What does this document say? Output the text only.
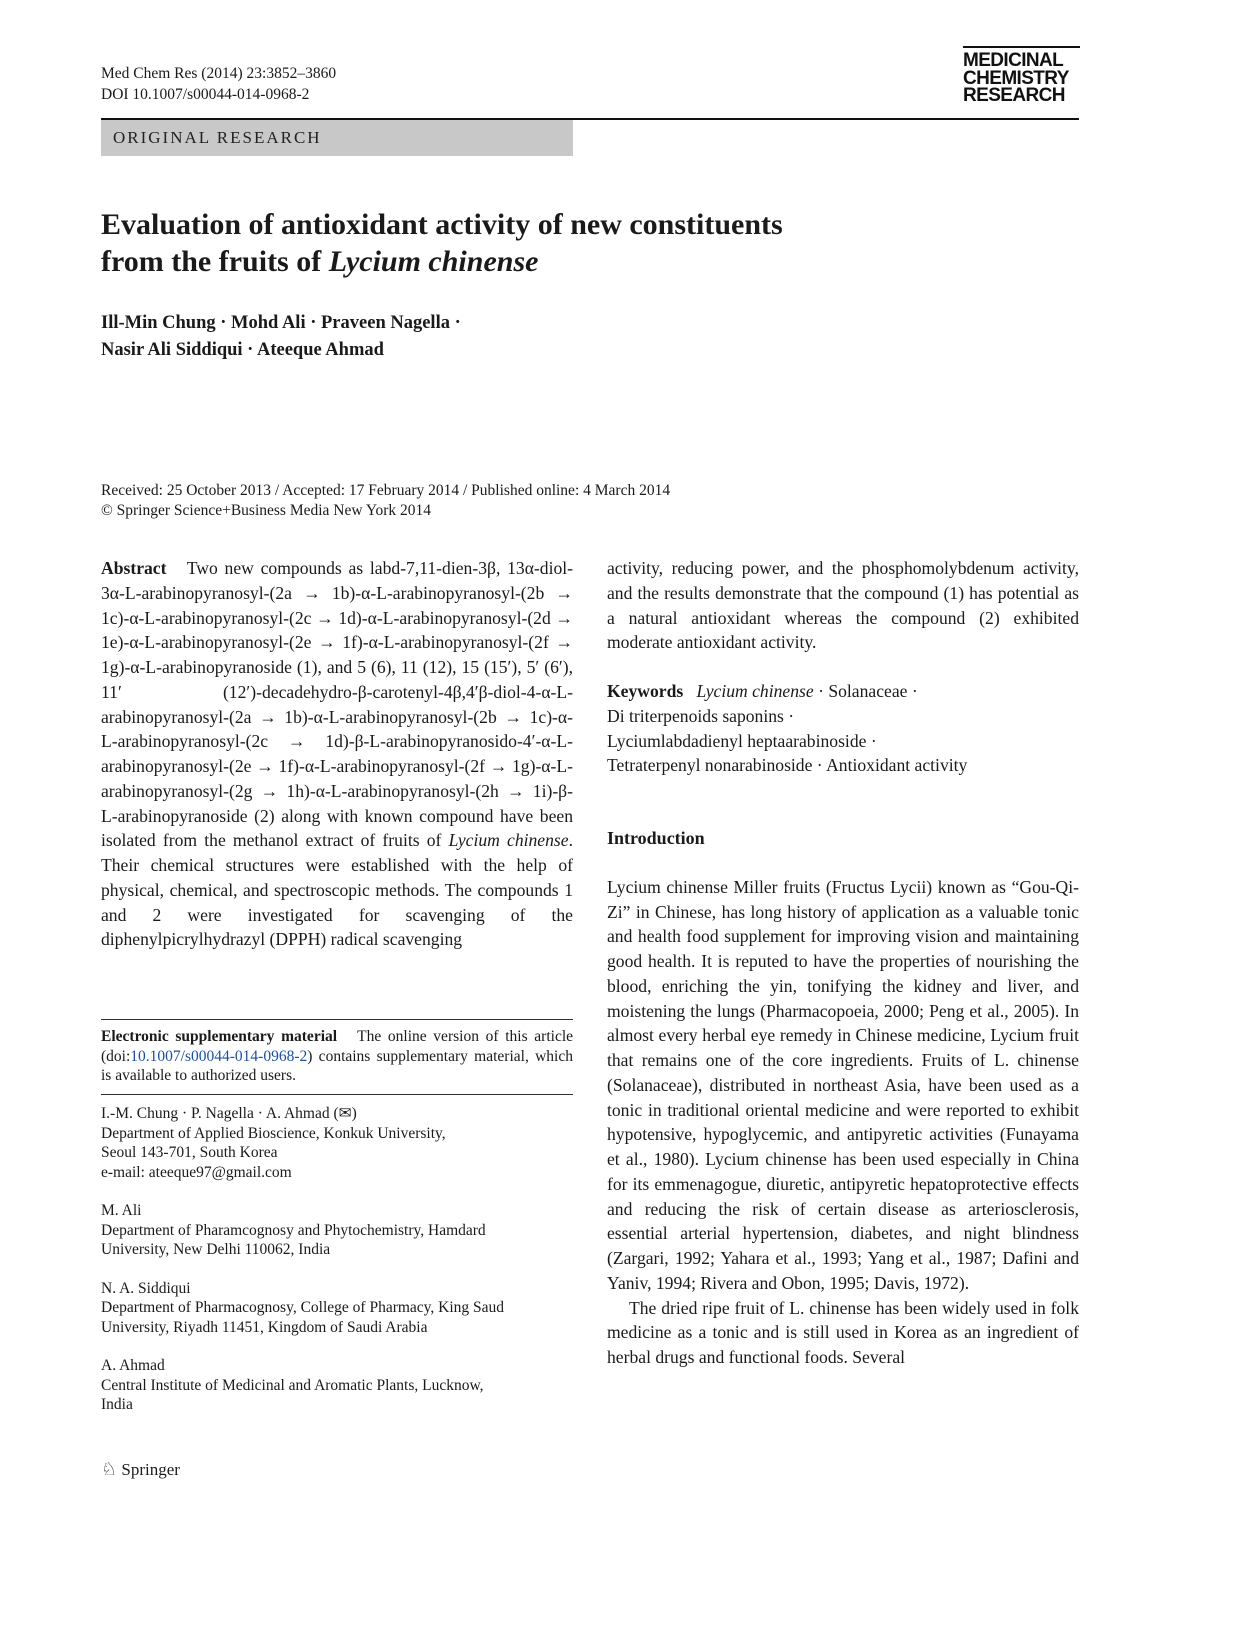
Med Chem Res (2014) 23:3852–3860
DOI 10.1007/s00044-014-0968-2
MEDICINAL
CHEMISTRY
RESEARCH
ORIGINAL RESEARCH
Evaluation of antioxidant activity of new constituents
from the fruits of Lycium chinense
Ill-Min Chung · Mohd Ali · Praveen Nagella ·
Nasir Ali Siddiqui · Ateeque Ahmad
Received: 25 October 2013 / Accepted: 17 February 2014 / Published online: 4 March 2014
© Springer Science+Business Media New York 2014

Abstract Two new compounds as labd-7,11-dien-3β, 13α-diol-3α-L-arabinopyranosyl-(2a → 1b)-α-L-arabinopyranosyl-(2b → 1c)-α-L-arabinopyranosyl-(2c → 1d)-α-L-arabinopyranosyl-(2d → 1e)-α-L-arabinopyranosyl-(2e → 1f)-α-L-arabinopyranosyl-(2f → 1g)-α-L-arabinopyranoside (1), and 5 (6), 11 (12), 15 (15′), 5′ (6′), 11′ (12′)-decadehydro-β-carotenyl-4β,4′β-diol-4-α-L-arabinopyranosyl-(2a → 1b)-α-L-arabinopyranosyl-(2b → 1c)-α-L-arabinopyranosyl-(2c → 1d)-β-L-arabinopyranosido-4′-α-L-arabinopyranosyl-(2e → 1f)-α-L-arabinopyranosyl-(2f → 1g)-α-L-arabinopyranosyl-(2g → 1h)-α-L-arabinopyranosyl-(2h → 1i)-β-L-arabinopyranoside (2) along with known compound have been isolated from the methanol extract of fruits of Lycium chinense. Their chemical structures were established with the help of physical, chemical, and spectroscopic methods. The compounds 1 and 2 were investigated for scavenging of the diphenylpicrylhydrazyl (DPPH) radical scavenging

Electronic supplementary material The online version of this article (doi:10.1007/s00044-014-0968-2) contains supplementary material, which is available to authorized users.
I.-M. Chung · P. Nagella · A. Ahmad (✉)
Department of Applied Bioscience, Konkuk University,
Seoul 143-701, South Korea
e-mail: ateeque97@gmail.com
M. Ali
Department of Pharamcognosy and Phytochemistry, Hamdard
University, New Delhi 110062, India
N. A. Siddiqui
Department of Pharmacognosy, College of Pharmacy, King Saud
University, Riyadh 11451, Kingdom of Saudi Arabia
A. Ahmad
Central Institute of Medicinal and Aromatic Plants, Lucknow,
India

activity, reducing power, and the phosphomolybdenum activity, and the results demonstrate that the compound (1) has potential as a natural antioxidant whereas the compound (2) exhibited moderate antioxidant activity.

Keywords Lycium chinense · Solanaceae ·
Di triterpenoids saponins ·
Lyciumlabdadienyl heptaarabinoside ·
Tetraterpenyl nonarabinoside · Antioxidant activity
Introduction

Lycium chinense Miller fruits (Fructus Lycii) known as “Gou-Qi-Zi” in Chinese, has long history of application as a valuable tonic and health food supplement for improving vision and maintaining good health. It is reputed to have the properties of nourishing the blood, enriching the yin, tonifying the kidney and liver, and moistening the lungs (Pharmacopoeia, 2000; Peng et al., 2005). In almost every herbal eye remedy in Chinese medicine, Lycium fruit that remains one of the core ingredients. Fruits of L. chinense (Solanaceae), distributed in northeast Asia, have been used as a tonic in traditional oriental medicine and were reported to exhibit hypotensive, hypoglycemic, and antipyretic activities (Funayama et al., 1980). Lycium chinense has been used especially in China for its emmenagogue, diuretic, antipyretic hepatoprotective effects and reducing the risk of certain disease as arteriosclerosis, essential arterial hypertension, diabetes, and night blindness (Zargari, 1992; Yahara et al., 1993; Yang et al., 1987; Dafini and Yaniv, 1994; Rivera and Obon, 1995; Davis, 1972).

The dried ripe fruit of L. chinense has been widely used in folk medicine as a tonic and is still used in Korea as an ingredient of herbal drugs and functional foods. Several

♘ Springer
